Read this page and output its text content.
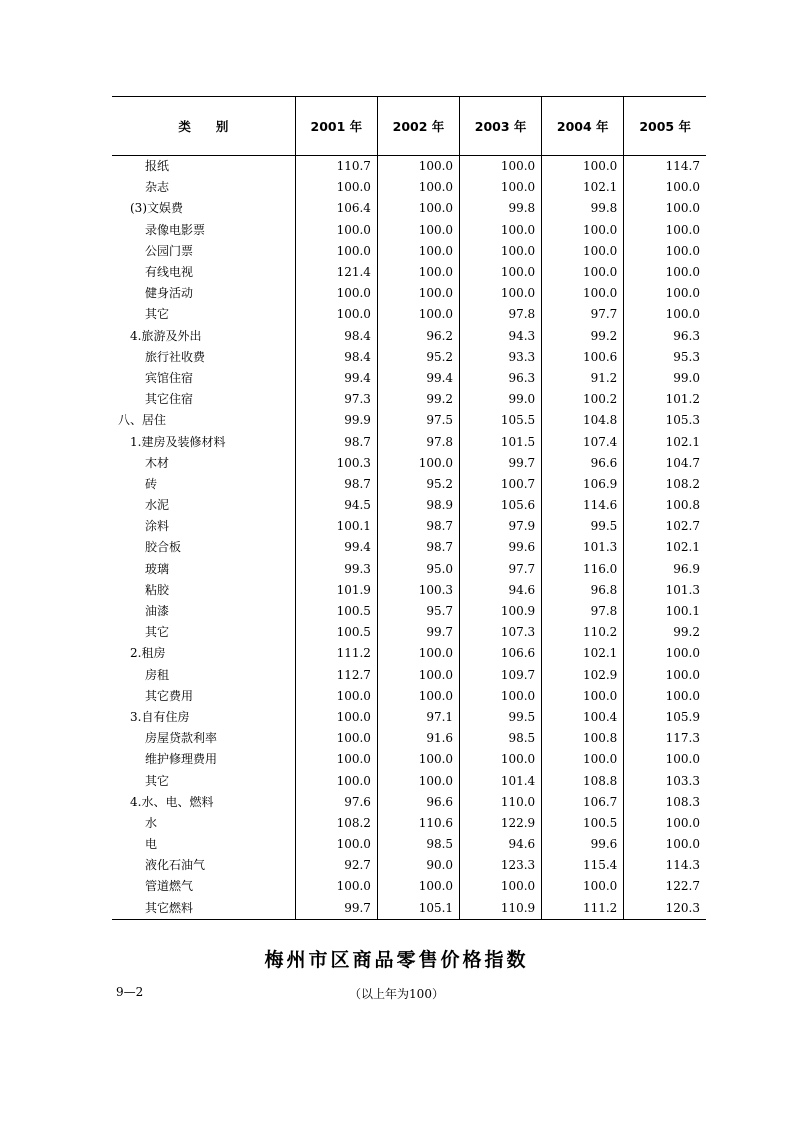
类　　别	2001 年	2002 年	2003 年	2004 年	2005 年
报纸	110.7	100.0	100.0	100.0	114.7
杂志	100.0	100.0	100.0	102.1	100.0
(3)文娱费	106.4	100.0	99.8	99.8	100.0
录像电影票	100.0	100.0	100.0	100.0	100.0
公园门票	100.0	100.0	100.0	100.0	100.0
有线电视	121.4	100.0	100.0	100.0	100.0
健身活动	100.0	100.0	100.0	100.0	100.0
其它	100.0	100.0	97.8	97.7	100.0
4.旅游及外出	98.4	96.2	94.3	99.2	96.3
旅行社收费	98.4	95.2	93.3	100.6	95.3
宾馆住宿	99.4	99.4	96.3	91.2	99.0
其它住宿	97.3	99.2	99.0	100.2	101.2
八、居住	99.9	97.5	105.5	104.8	105.3
1.建房及装修材料	98.7	97.8	101.5	107.4	102.1
木材	100.3	100.0	99.7	96.6	104.7
砖	98.7	95.2	100.7	106.9	108.2
水泥	94.5	98.9	105.6	114.6	100.8
涂料	100.1	98.7	97.9	99.5	102.7
胶合板	99.4	98.7	99.6	101.3	102.1
玻璃	99.3	95.0	97.7	116.0	96.9
粘胶	101.9	100.3	94.6	96.8	101.3
油漆	100.5	95.7	100.9	97.8	100.1
其它	100.5	99.7	107.3	110.2	99.2
2.租房	111.2	100.0	106.6	102.1	100.0
房租	112.7	100.0	109.7	102.9	100.0
其它费用	100.0	100.0	100.0	100.0	100.0
3.自有住房	100.0	97.1	99.5	100.4	105.9
房屋贷款利率	100.0	91.6	98.5	100.8	117.3
维护修理费用	100.0	100.0	100.0	100.0	100.0
其它	100.0	100.0	101.4	108.8	103.3
4.水、电、燃料	97.6	96.6	110.0	106.7	108.3
水	108.2	110.6	122.9	100.5	100.0
电	100.0	98.5	94.6	99.6	100.0
液化石油气	92.7	90.0	123.3	115.4	114.3
管道燃气	100.0	100.0	100.0	100.0	122.7
其它燃料	99.7	105.1	110.9	111.2	120.3
梅州市区商品零售价格指数
9—2	（以上年为100）
